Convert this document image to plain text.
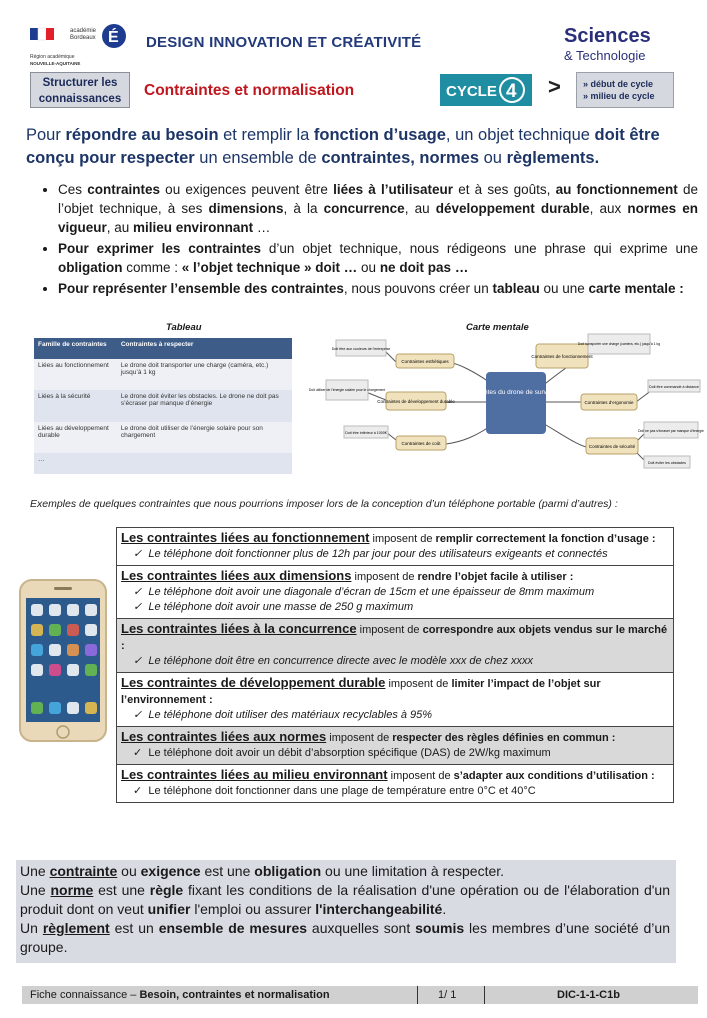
académie
Bordeaux É
Région académique
NOUVELLE-AQUITAINE
DESIGN INNOVATION ET CRÉATIVITÉ	Sciences
& Technologie
Structurer les connaissances	Contraintes et normalisation	CYCLE 4 > » début de cycle
» milieu de cycle
Pour répondre au besoin et remplir la fonction d’usage, un objet technique doit être conçu pour respecter un ensemble de contraintes, normes ou règlements.
• Ces contraintes ou exigences peuvent être liées à l’utilisateur et à ses goûts, au fonctionnement de l’objet technique, à ses dimensions, à la concurrence, au développement durable, aux normes en vigueur, au milieu environnant …
• Pour exprimer les contraintes d’un objet technique, nous rédigeons une phrase qui exprime une obligation comme : « l’objet technique » doit … ou ne doit pas …
• Pour représenter l’ensemble des contraintes, nous pouvons créer un tableau ou une carte mentale :
Tableau	Carte mentale
Famille de contraintes	Contraintes à respecter
Liées au fonctionnement	Le drone doit transporter une charge (caméra, etc.) jusqu’à 1 kg
Liées à la sécurité	Le drone doit éviter les obstacles. Le drone ne doit pas s’écraser par manque d’énergie
Liées au développement durable	Le drone doit utiliser de l’énergie solaire pour son chargement
…	
Contraintes du drone de surveillance
Contraintes esthétiques
Contraintes de développement durable
Contraintes de coût
Contraintes de fonctionnement
Contraintes d’ergonomie
Contraintes de sécurité
Doit être aux couleurs de l’entreprise
Doit utiliser de l’énergie solaire pour le chargement
Doit être inférieur à 1000€
Doit transporter une charge (caméra, etc.) jusqu’à 1 kg
Doit être commandé à distance
Doit ne pas s’écraser par manque d’énergie
Doit éviter les obstacles
Exemples de quelques contraintes que nous pourrions imposer lors de la conception d’un téléphone portable (parmi d’autres) :
Les contraintes liées au fonctionnement imposent de remplir correctement la fonction d’usage :
✓ Le téléphone doit fonctionner plus de 12h par jour pour des utilisateurs exigeants et connectés

Les contraintes liées aux dimensions imposent de rendre l’objet facile à utiliser :
✓ Le téléphone doit avoir une diagonale d’écran de 15cm et une épaisseur de 8mm maximum
✓ Le téléphone doit avoir une masse de 250 g maximum

Les contraintes liées à la concurrence imposent de correspondre aux objets vendus sur le marché :
✓ Le téléphone doit être en concurrence directe avec le modèle xxx de chez xxxx

Les contraintes de développement durable imposent de limiter l’impact de l’objet sur l’environnement :
✓ Le téléphone doit utiliser des matériaux recyclables à 95%

Les contraintes liées aux normes imposent de respecter des règles définies en commun :
✓ Le téléphone doit avoir un débit d’absorption spécifique (DAS) de 2W/kg maximum

Les contraintes liées au milieu environnant imposent de s’adapter aux conditions d’utilisation :
✓ Le téléphone doit fonctionner dans une plage de température entre 0°C et 40°C

Une contrainte ou exigence est une obligation ou une limitation à respecter.

Une norme est une règle fixant les conditions de la réalisation d'une opération ou de l'élaboration d'un produit dont on veut unifier l'emploi ou assurer l'interchangeabilité.

Un règlement est un ensemble de mesures auxquelles sont soumis les membres d’une société d’un groupe.

Fiche connaissance – Besoin, contraintes et normalisation	1/ 1	DIC-1-1-C1b
